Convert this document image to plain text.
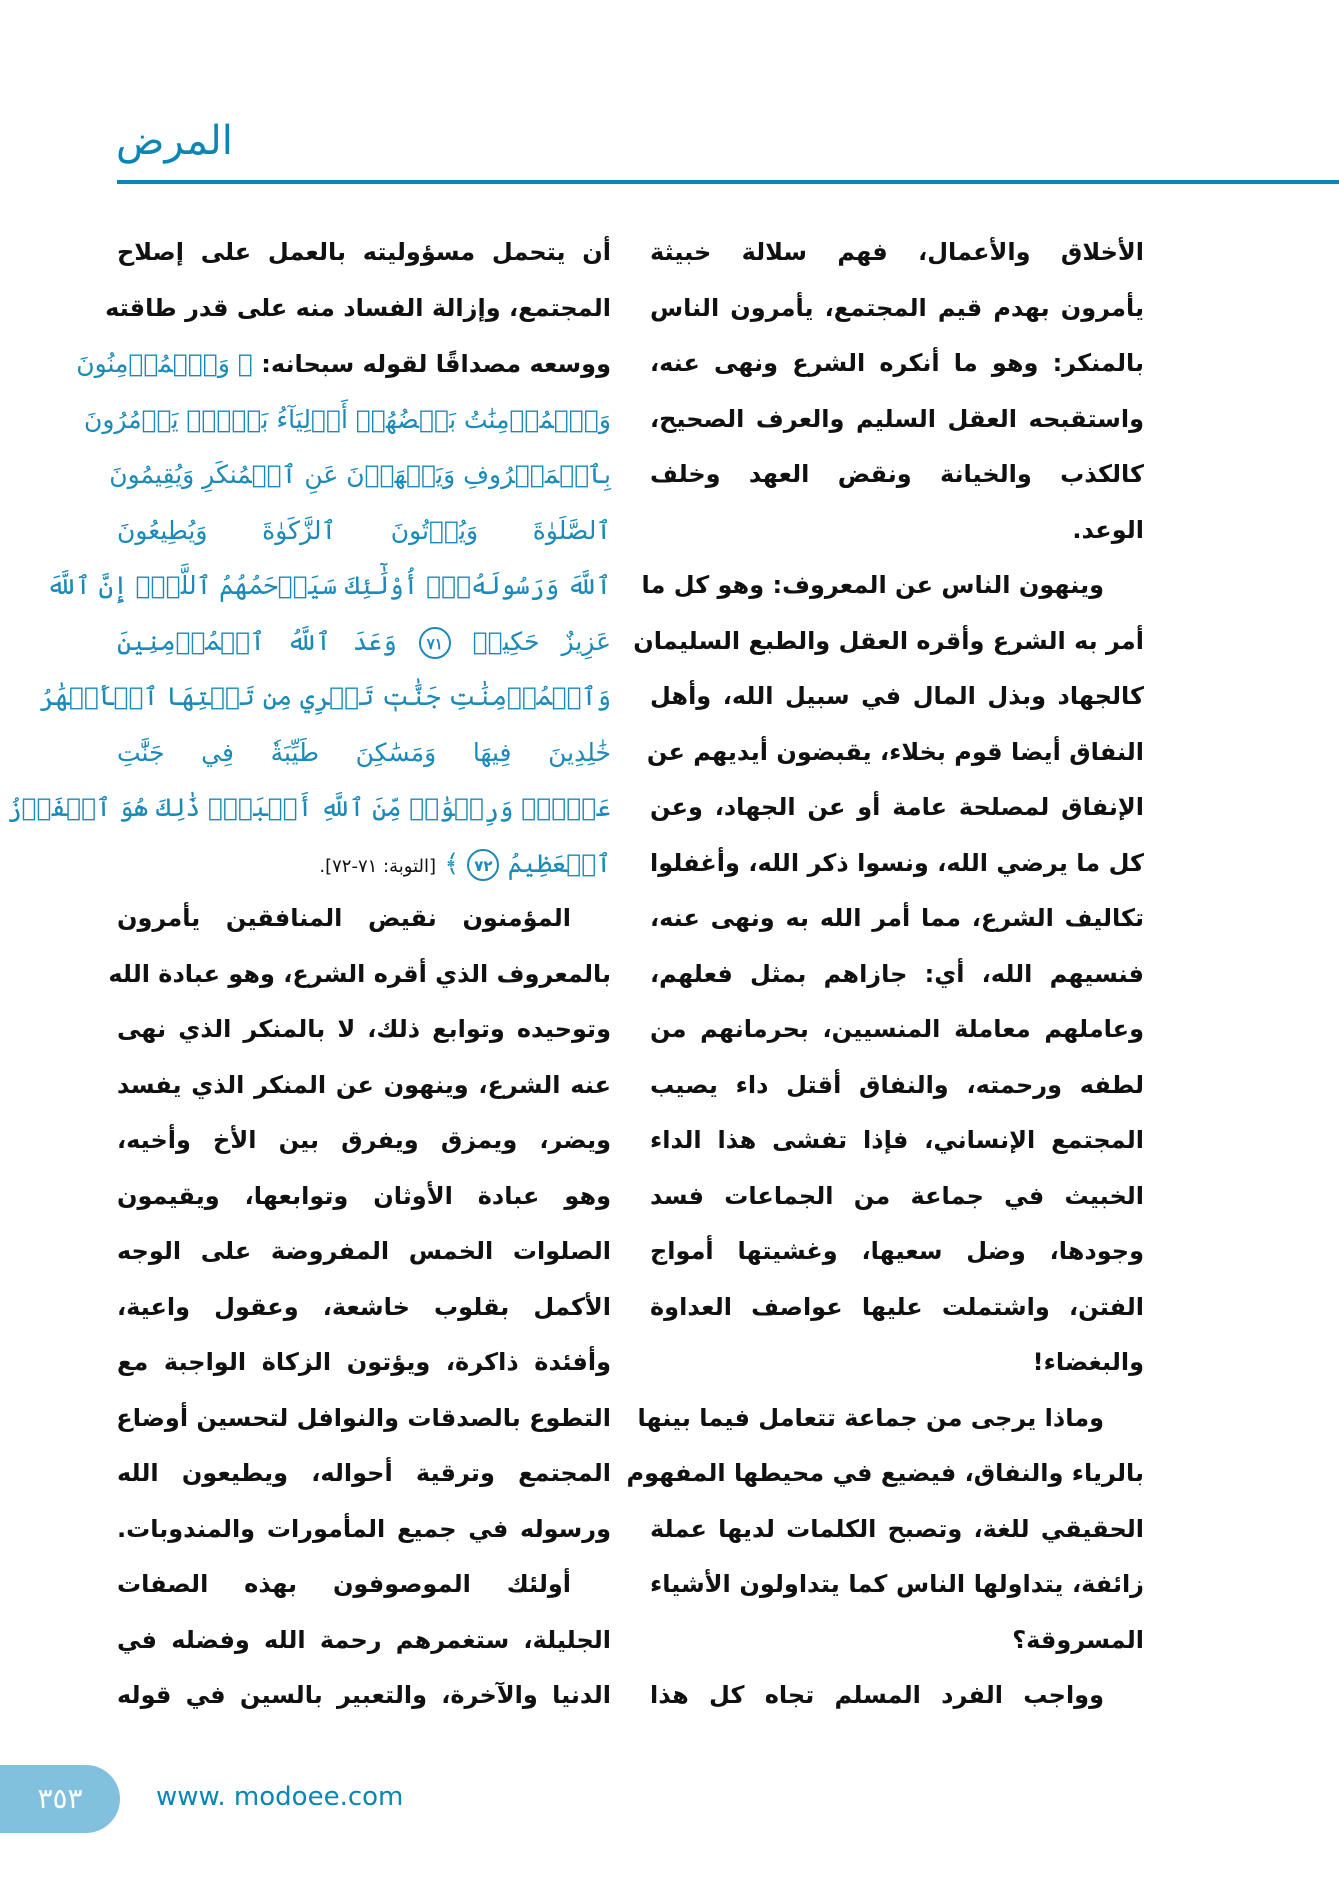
المرض
الأخلاق والأعمال، فهم سلالة خبيثة
يأمرون بهدم قيم المجتمع، يأمرون الناس
بالمنكر: وهو ما أنكره الشرع ونهى عنه،
واستقبحه العقل السليم والعرف الصحيح،
كالكذب والخيانة ونقض العهد وخلف
الوعد.
وينهون الناس عن المعروف: وهو كل ما
أمر به الشرع وأقره العقل والطبع السليمان
كالجهاد وبذل المال في سبيل الله، وأهل
النفاق أيضا قوم بخلاء، يقبضون أيديهم عن
الإنفاق لمصلحة عامة أو عن الجهاد، وعن
كل ما يرضي الله، ونسوا ذكر الله، وأغفلوا
تكاليف الشرع، مما أمر الله به ونهى عنه،
فنسيهم الله، أي: جازاهم بمثل فعلهم،
وعاملهم معاملة المنسيين، بحرمانهم من
لطفه ورحمته، والنفاق أقتل داء يصيب
المجتمع الإنساني، فإذا تفشى هذا الداء
الخبيث في جماعة من الجماعات فسد
وجودها، وضل سعيها، وغشيتها أمواج
الفتن، واشتملت عليها عواصف العداوة
والبغضاء!
وماذا يرجى من جماعة تتعامل فيما بينها
بالرياء والنفاق، فيضيع في محيطها المفهوم
الحقيقي للغة، وتصبح الكلمات لديها عملة
زائفة، يتداولها الناس كما يتداولون الأشياء
المسروقة؟
وواجب الفرد المسلم تجاه كل هذا
أن يتحمل مسؤوليته بالعمل على إصلاح
المجتمع، وإزالة الفساد منه على قدر طاقته
ووسعه مصداقًا لقوله سبحانه: ﴿ وَٱلۡمُؤۡمِنُونَ
وَٱلۡمُؤۡمِنَٰتُ بَعۡضُهُمۡ أَوۡلِيَآءُ بَعۡضٖۚ يَأۡمُرُونَ
بِٱلۡمَعۡرُوفِ وَيَنۡهَوۡنَ عَنِ ٱلۡمُنكَرِ وَيُقِيمُونَ
ٱلصَّلَوٰةَ وَيُؤۡتُونَ ٱلزَّكَوٰةَ وَيُطِيعُونَ
ٱللَّهَ وَرَسُولَهُۥٓۚ أُوْلَٰٓئِكَ سَيَرۡحَمُهُمُ ٱللَّهُۗ إِنَّ ٱللَّهَ
عَزِيزٌ حَكِيمٞ ٧١ وَعَدَ ٱللَّهُ ٱلۡمُؤۡمِنِينَ
وَٱلۡمُؤۡمِنَٰتِ جَنَّٰتٖ تَجۡرِي مِن تَحۡتِهَا ٱلۡأَنۡهَٰرُ
خَٰلِدِينَ فِيهَا وَمَسَٰكِنَ طَيِّبَةٗ فِي جَنَّٰتِ
عَدۡنٖۚ وَرِضۡوَٰنٞ مِّنَ ٱللَّهِ أَكۡبَرُۚ ذَٰلِكَ هُوَ ٱلۡفَوۡزُ
ٱلۡعَظِيمُ ٧٢ ﴾ [التوبة: ٧١-٧٢].
المؤمنون نقيض المنافقين يأمرون
بالمعروف الذي أقره الشرع، وهو عبادة الله
وتوحيده وتوابع ذلك، لا بالمنكر الذي نهى
عنه الشرع، وينهون عن المنكر الذي يفسد
ويضر، ويمزق ويفرق بين الأخ وأخيه،
وهو عبادة الأوثان وتوابعها، ويقيمون
الصلوات الخمس المفروضة على الوجه
الأكمل بقلوب خاشعة، وعقول واعية،
وأفئدة ذاكرة، ويؤتون الزكاة الواجبة مع
التطوع بالصدقات والنوافل لتحسين أوضاع
المجتمع وترقية أحواله، ويطيعون الله
ورسوله في جميع المأمورات والمندوبات.
أولئك الموصوفون بهذه الصفات
الجليلة، ستغمرهم رحمة الله وفضله في
الدنيا والآخرة، والتعبير بالسين في قوله
٣٥٣	www. modoee.com
